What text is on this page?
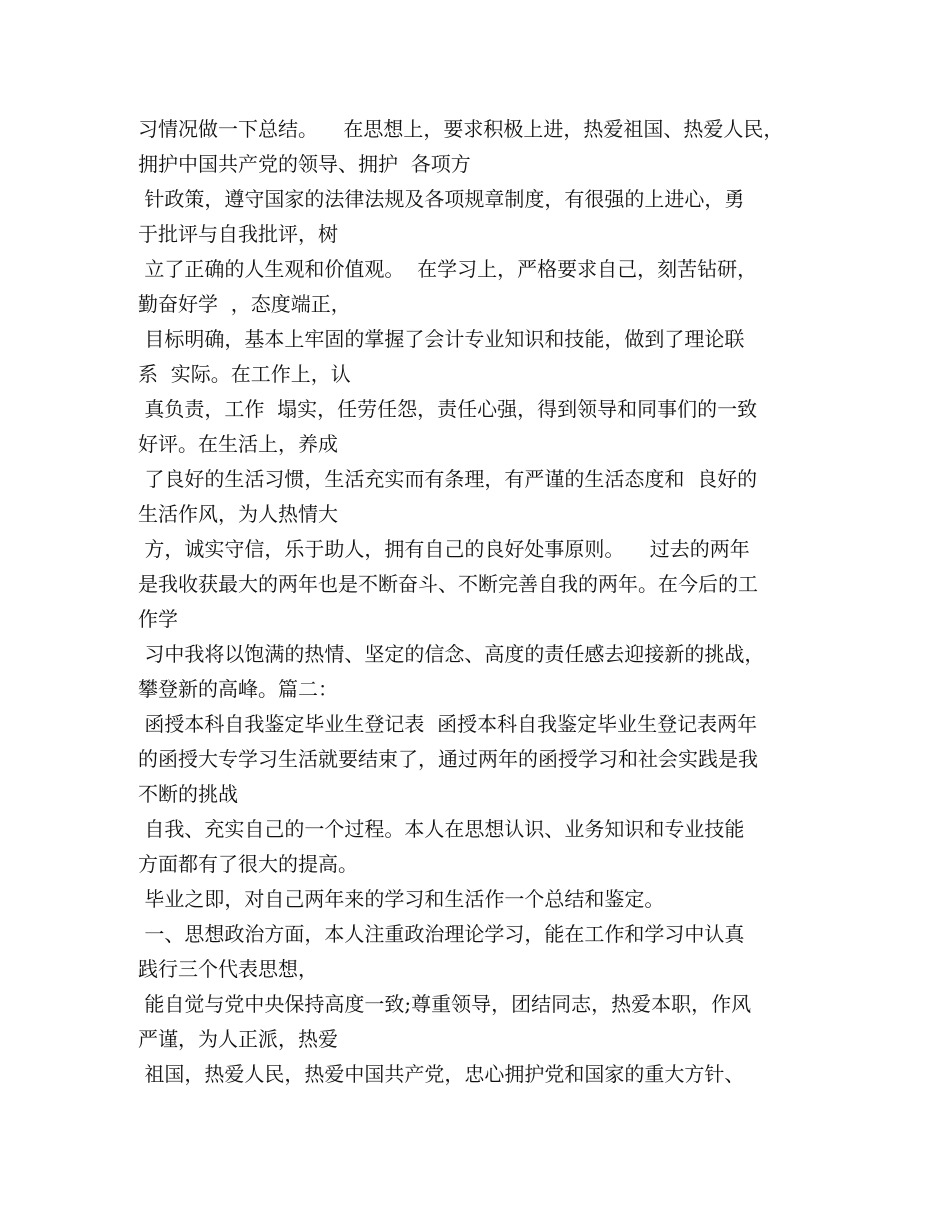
习情况做一下总结。    在思想上，要求积极上进，热爱祖国、热爱人民，
拥护中国共产党的领导、拥护  各项方
针政策，遵守国家的法律法规及各项规章制度，有很强的上进心，勇
于批评与自我批评，树
立了正确的人生观和价值观。  在学习上，严格要求自己，刻苦钻研，
勤奋好学  ，态度端正，
目标明确，基本上牢固的掌握了会计专业知识和技能，做到了理论联
系  实际。在工作上，认
真负责，工作  塌实，任劳任怨，责任心强，得到领导和同事们的一致
好评。在生活上，养成
了良好的生活习惯，生活充实而有条理，有严谨的生活态度和  良好的
生活作风，为人热情大
方，诚实守信，乐于助人，拥有自己的良好处事原则。    过去的两年
是我收获最大的两年也是不断奋斗、不断完善自我的两年。在今后的工
作学
习中我将以饱满的热情、坚定的信念、高度的责任感去迎接新的挑战，
攀登新的高峰。篇二：
函授本科自我鉴定毕业生登记表  函授本科自我鉴定毕业生登记表两年
的函授大专学习生活就要结束了，通过两年的函授学习和社会实践是我
不断的挑战
自我、充实自己的一个过程。本人在思想认识、业务知识和专业技能
方面都有了很大的提高。
毕业之即，对自己两年来的学习和生活作一个总结和鉴定。
一、思想政治方面，本人注重政治理论学习，能在工作和学习中认真
践行三个代表思想，
能自觉与党中央保持高度一致;尊重领导，团结同志，热爱本职，作风
严谨，为人正派，热爱
祖国，热爱人民，热爱中国共产党，忠心拥护党和国家的重大方针、
